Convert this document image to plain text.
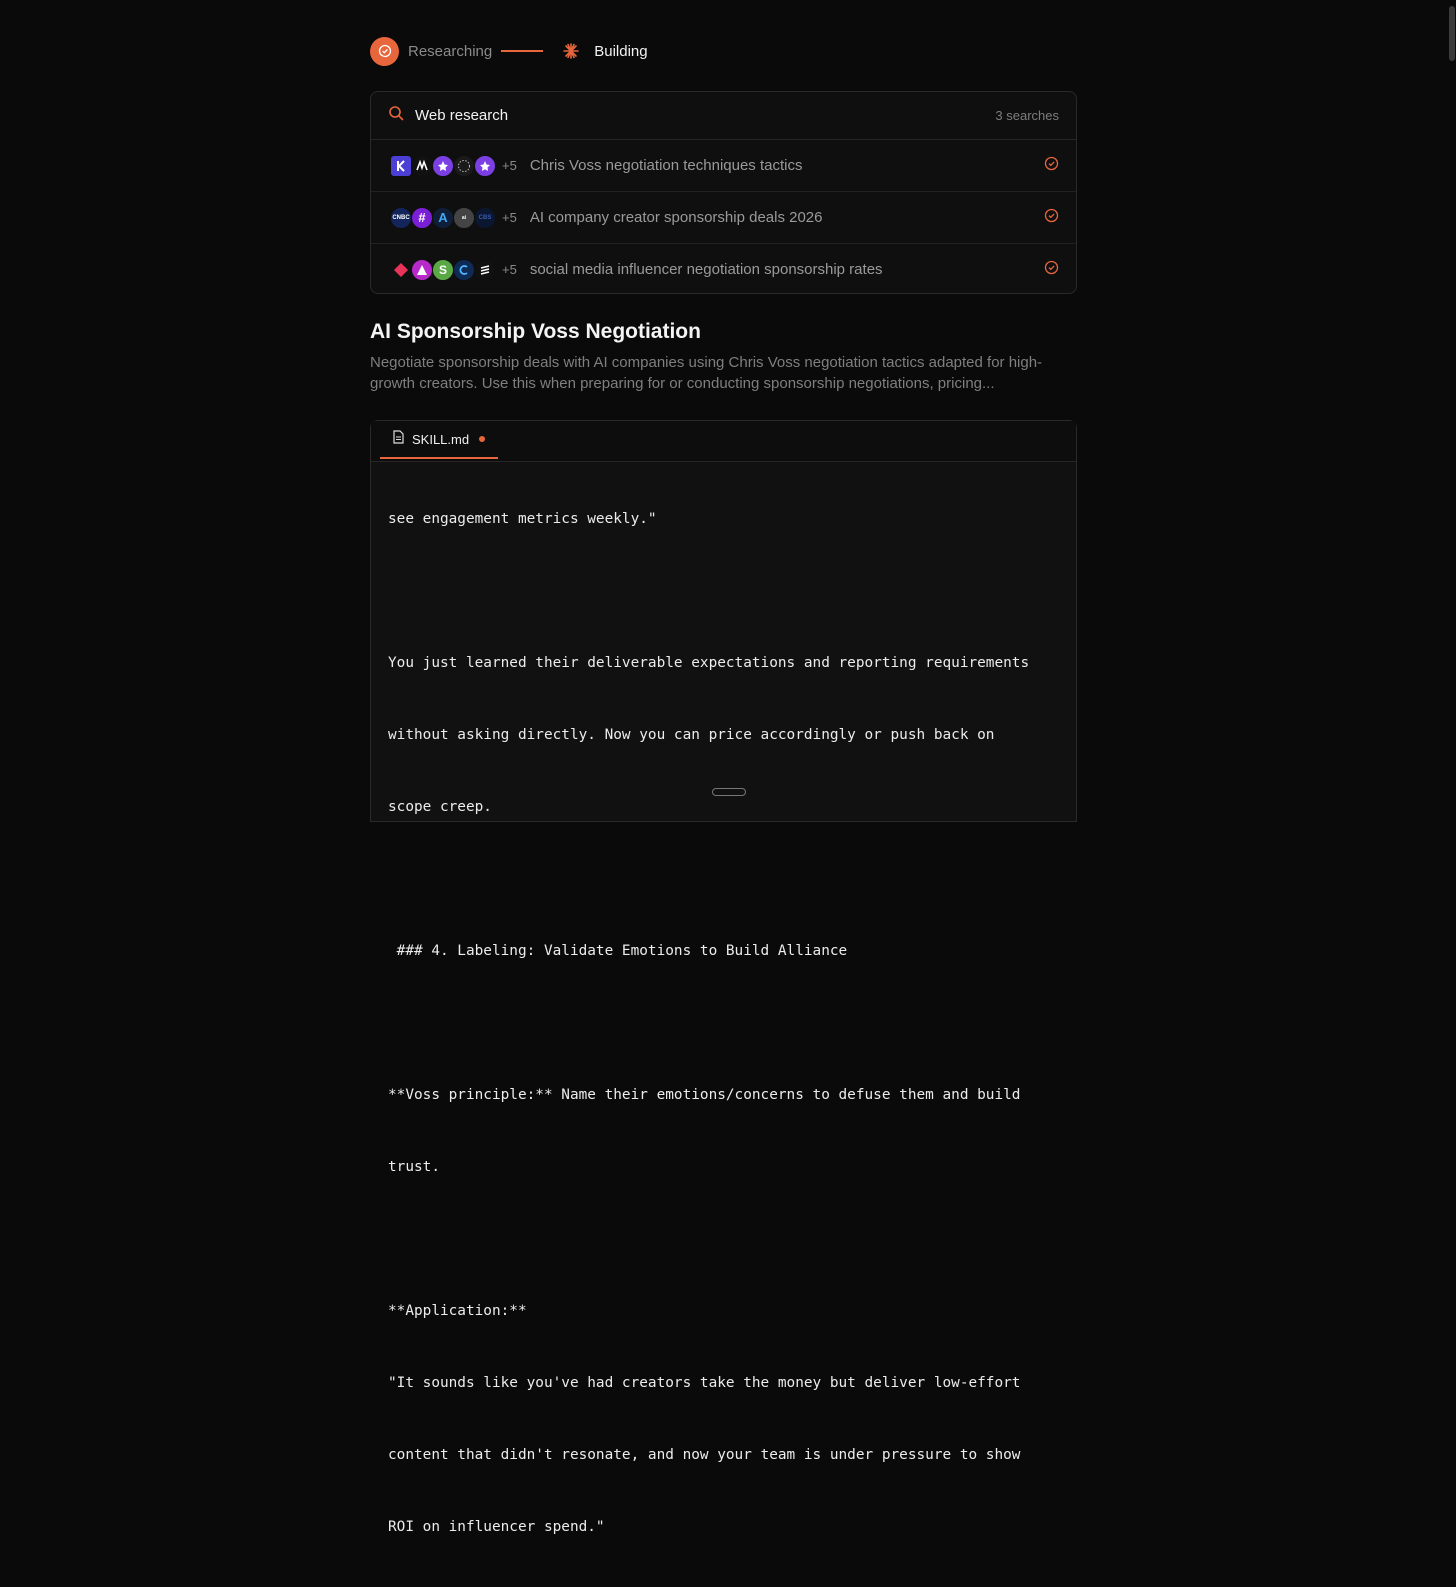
Researching	Building
Web research	3 searches
+5 Chris Voss negotiation techniques tactics
CNBC # A	ai	CBS +5 AI company creator sponsorship deals 2026
S	+5 social media influencer negotiation sponsorship rates
AI Sponsorship Voss Negotiation
Negotiate sponsorship deals with AI companies using Chris Voss negotiation tactics adapted for high-growth creators. Use this when preparing for or conducting sponsorship negotiations, pricing...
SKILL.md

see engagement metrics weekly."

You just learned their deliverable expectations and reporting requirements

without asking directly. Now you can price accordingly or push back on

scope creep.

### 4. Labeling: Validate Emotions to Build Alliance

**Voss principle:** Name their emotions/concerns to defuse them and build

trust.

**Application:**

"It sounds like you've had creators take the money but deliver low-effort

content that didn't resonate, and now your team is under pressure to show

ROI on influencer spend."
